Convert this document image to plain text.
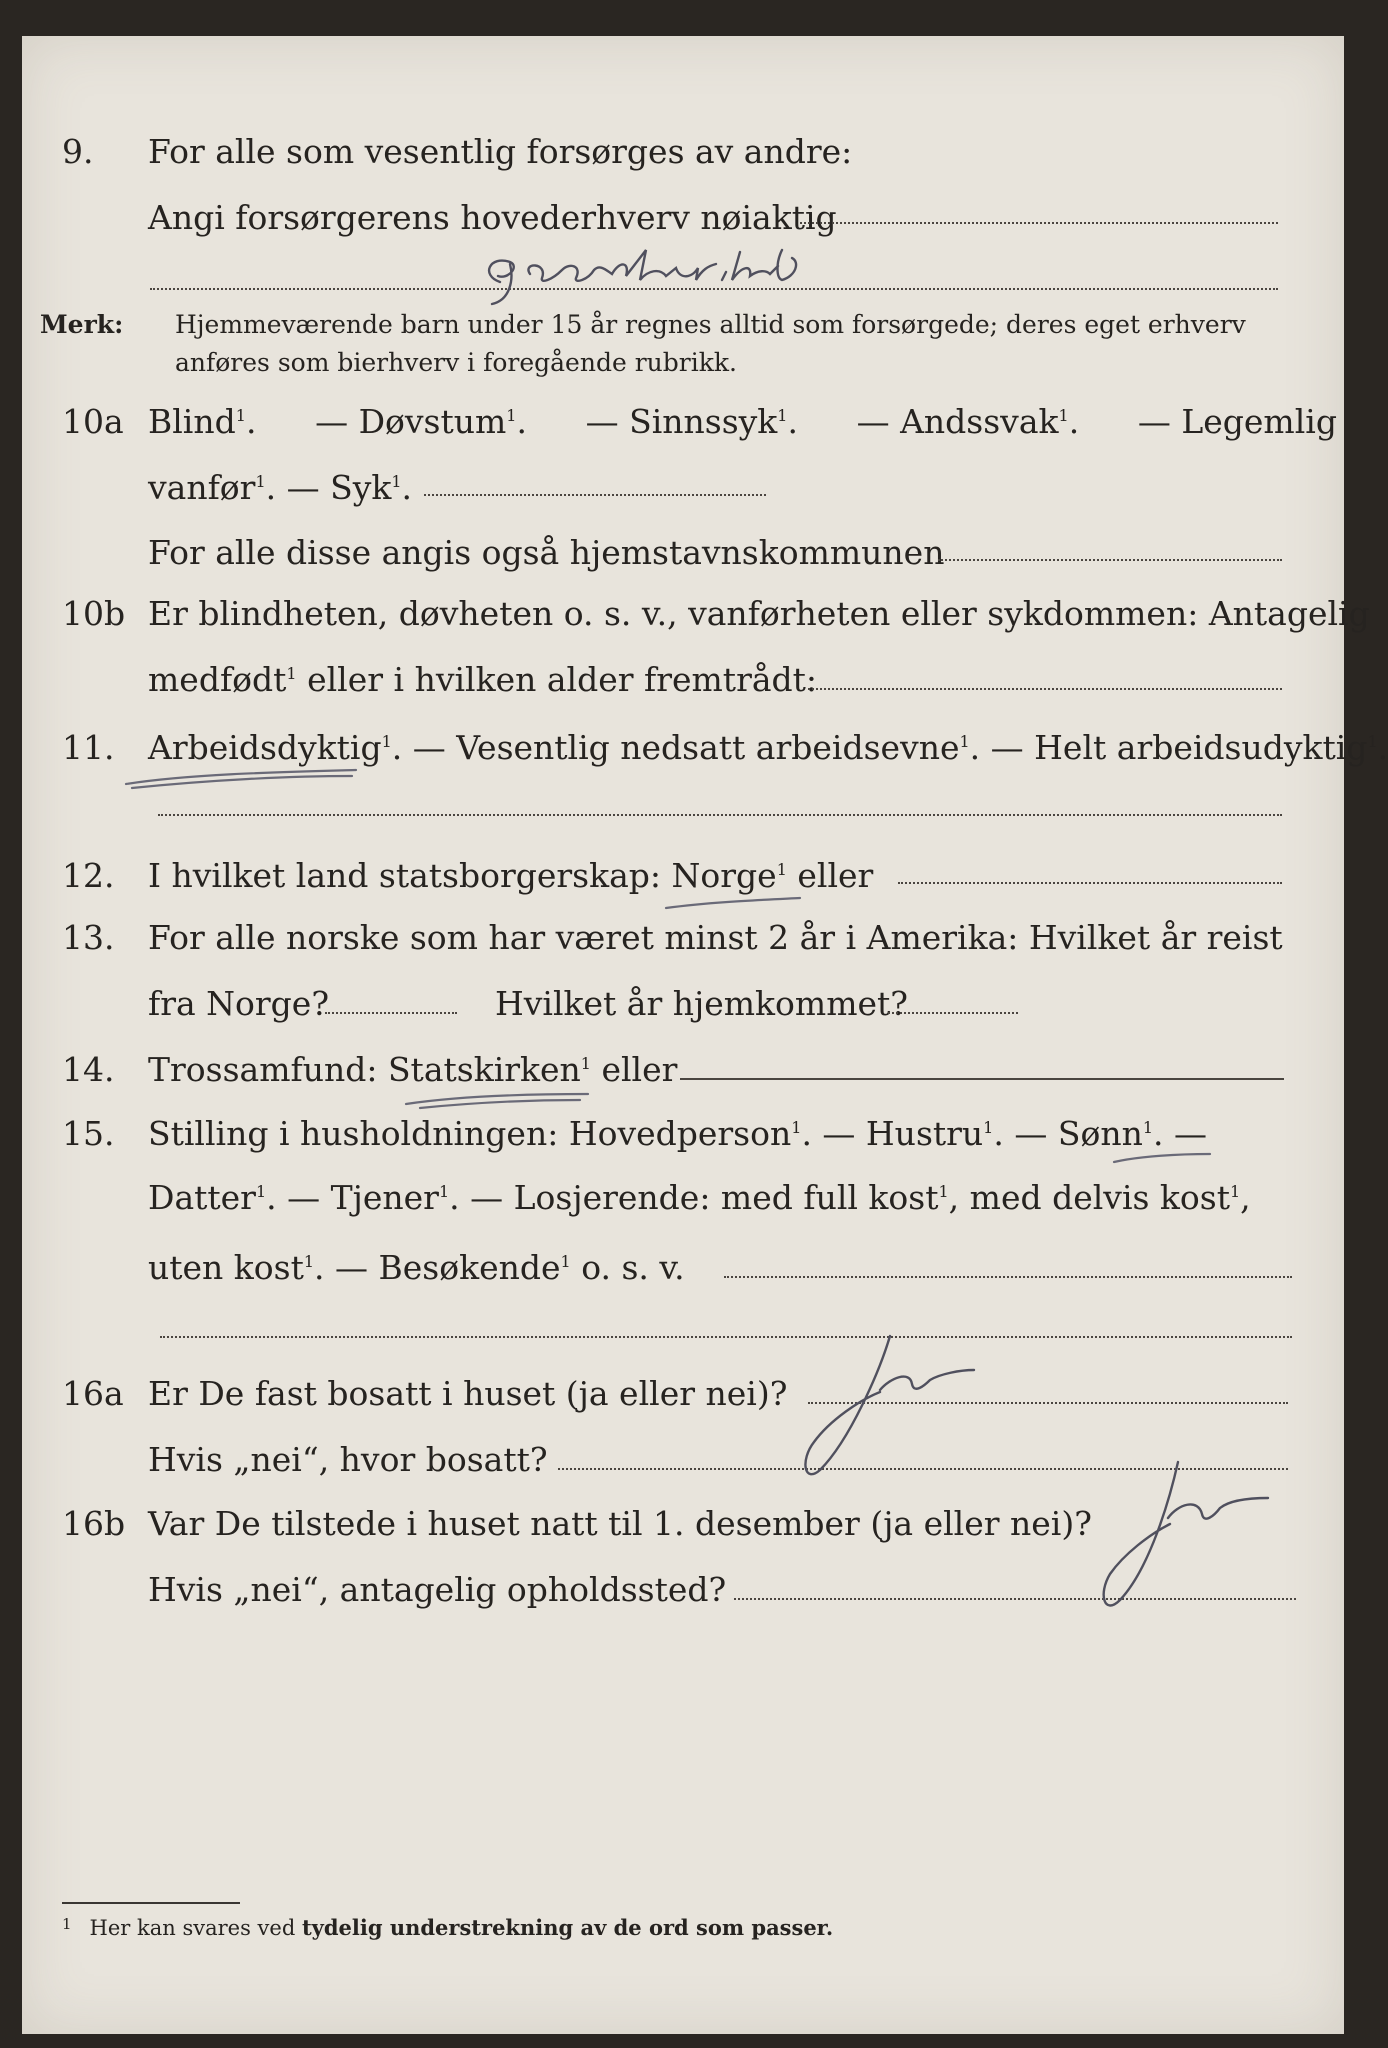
9. For alle som vesentlig forsørges av andre:
Angi forsørgerens hovederhverv nøiaktig
Merk: Hjemmeværende barn under 15 år regnes alltid som forsørgede; deres eget erhverv
anføres som bierhverv i foregående rubrikk.
10a Blind$^1$. — Døvstum$^1$. — Sinnssyk$^1$. — Andssvak$^1$. — Legemlig
vanfør$^1$. — Syk$^1$.
For alle disse angis også hjemstavnskommunen
10b Er blindheten, døvheten o. s. v., vanførheten eller sykdommen: Antagelig
medfødt$^1$ eller i hvilken alder fremtrådt:
11. Arbeidsdyktig$^1$. — Vesentlig nedsatt arbeidsevne$^1$. — Helt arbeidsudyktig$^1$.
12. I hvilket land statsborgerskap: Norge$^1$ eller
13. For alle norske som har været minst 2 år i Amerika: Hvilket år reist
fra Norge?	Hvilket år hjemkommet?
14. Trossamfund: Statskirken$^1$ eller
15. Stilling i husholdningen: Hovedperson$^1$. — Hustru$^1$. — Sønn$^1$. —
Datter$^1$. — Tjener$^1$. — Losjerende: med full kost$^1$, med delvis kost$^1$,
uten kost$^1$. — Besøkende$^1$ o. s. v.
16a Er De fast bosatt i huset (ja eller nei)?
Hvis „nei“, hvor bosatt?
16b Var De tilstede i huset natt til 1. desember (ja eller nei)?
Hvis „nei“, antagelig opholdssted?
$^1$ Her kan svares ved tydelig understrekning av de ord som passer.
